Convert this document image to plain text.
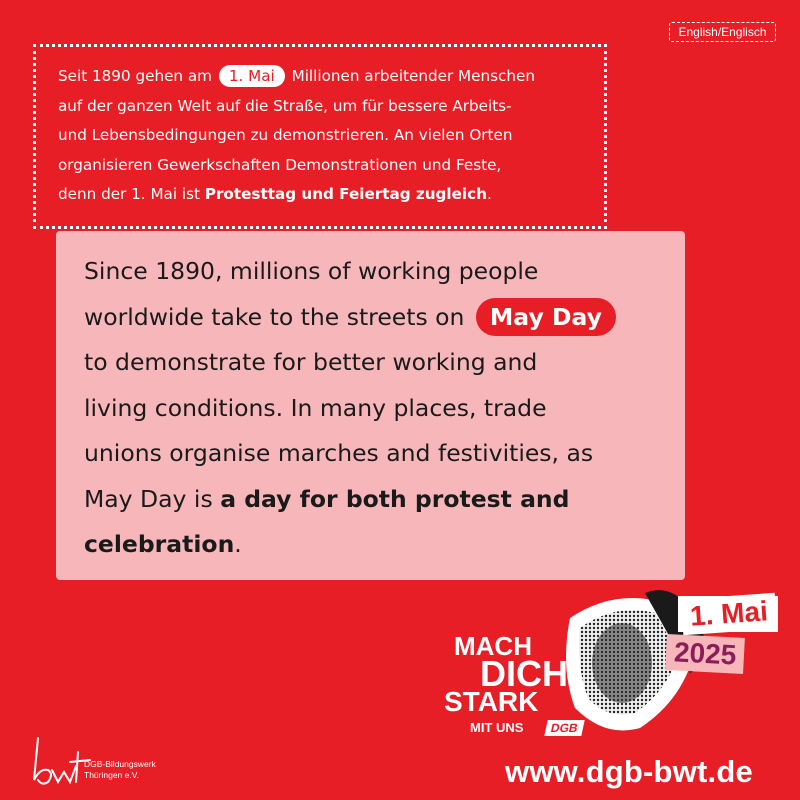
English/Englisch
Seit 1890 gehen am 1. Mai Millionen arbeitender Menschen
auf der ganzen Welt auf die Straße, um für bessere Arbeits-
und Lebensbedingungen zu demonstrieren. An vielen Orten
organisieren Gewerkschaften Demonstrationen und Feste,
denn der 1. Mai ist Protesttag und Feiertag zugleich.
Since 1890, millions of working people
worldwide take to the streets on May Day
to demonstrate for better working and
living conditions. In many places, trade
unions organise marches and festivities, as
May Day is a day for both protest and
celebration.
MACH
DICH
STARK
MIT UNS	DGB
1. Mai
2025
DGB-Bildungswerk
Thüringen e.V.	www.dgb-bwt.de
